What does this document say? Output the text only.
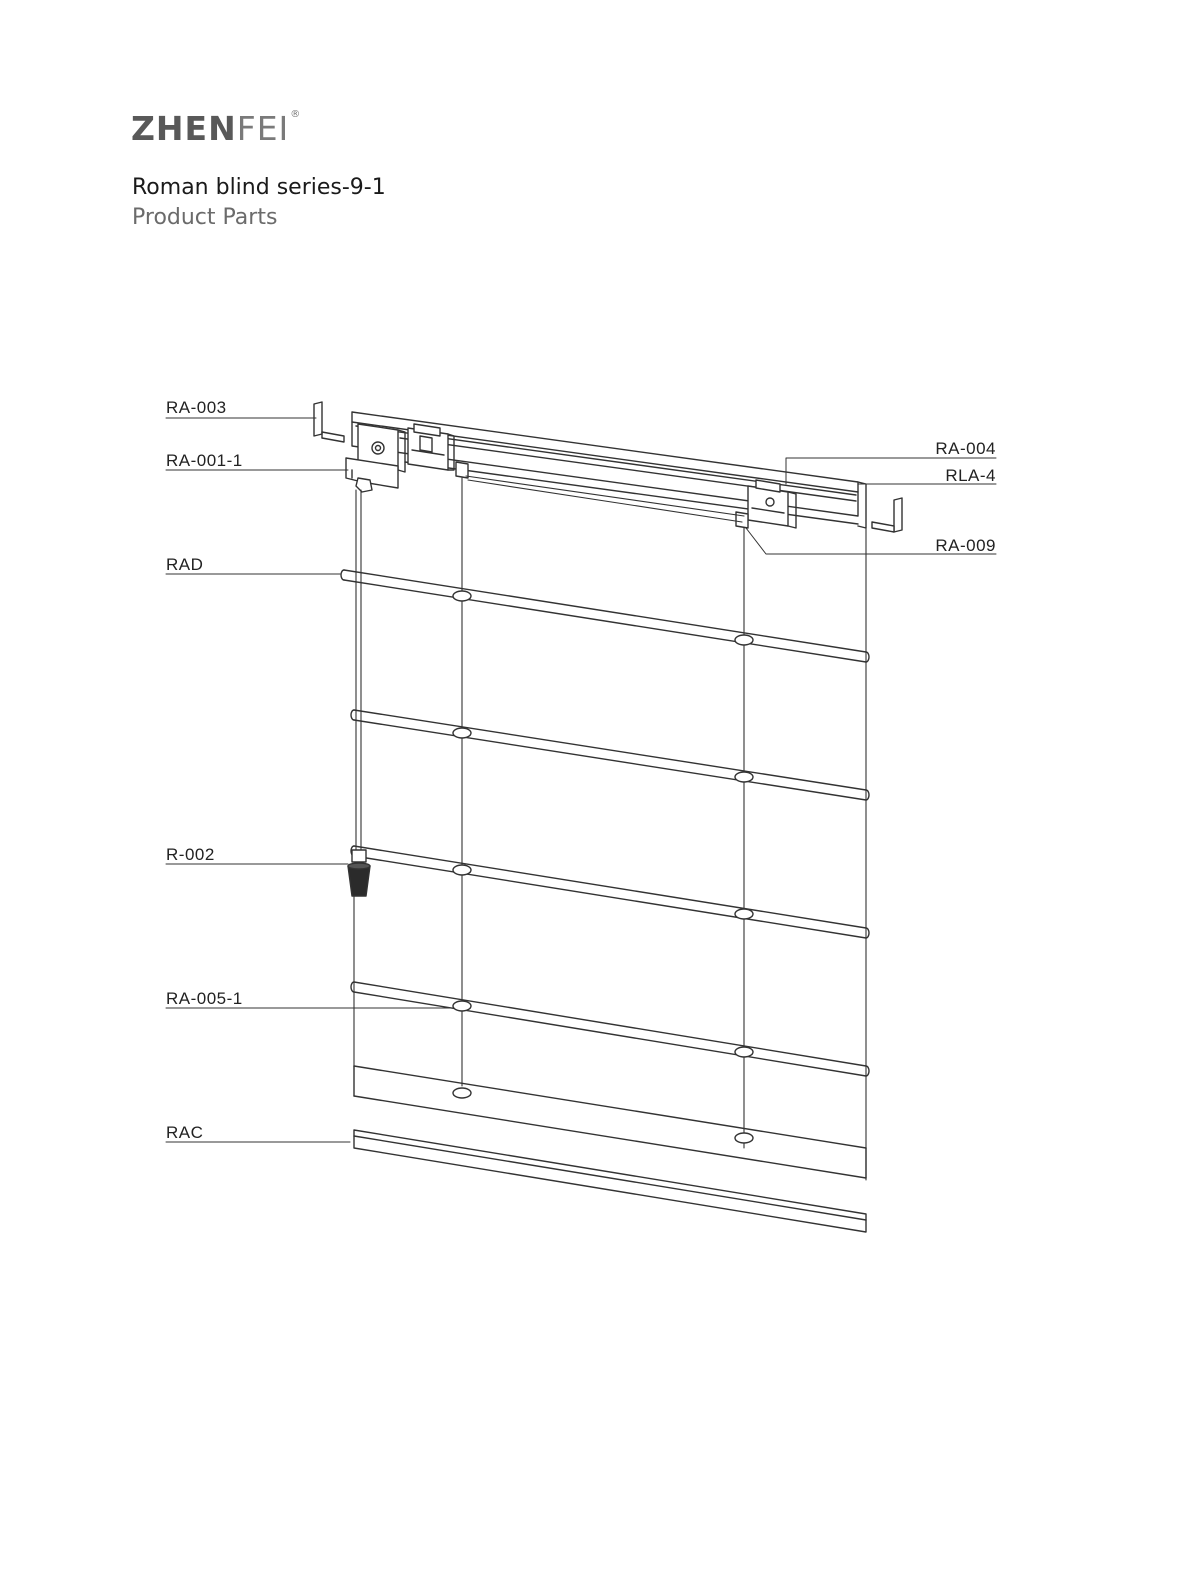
ZHENFEI®
Roman blind series-9-1
Product Parts
RA-003
RA-001-1
RAD
R-002
RA-005-1
RAC
RA-004
RLA-4
RA-009
